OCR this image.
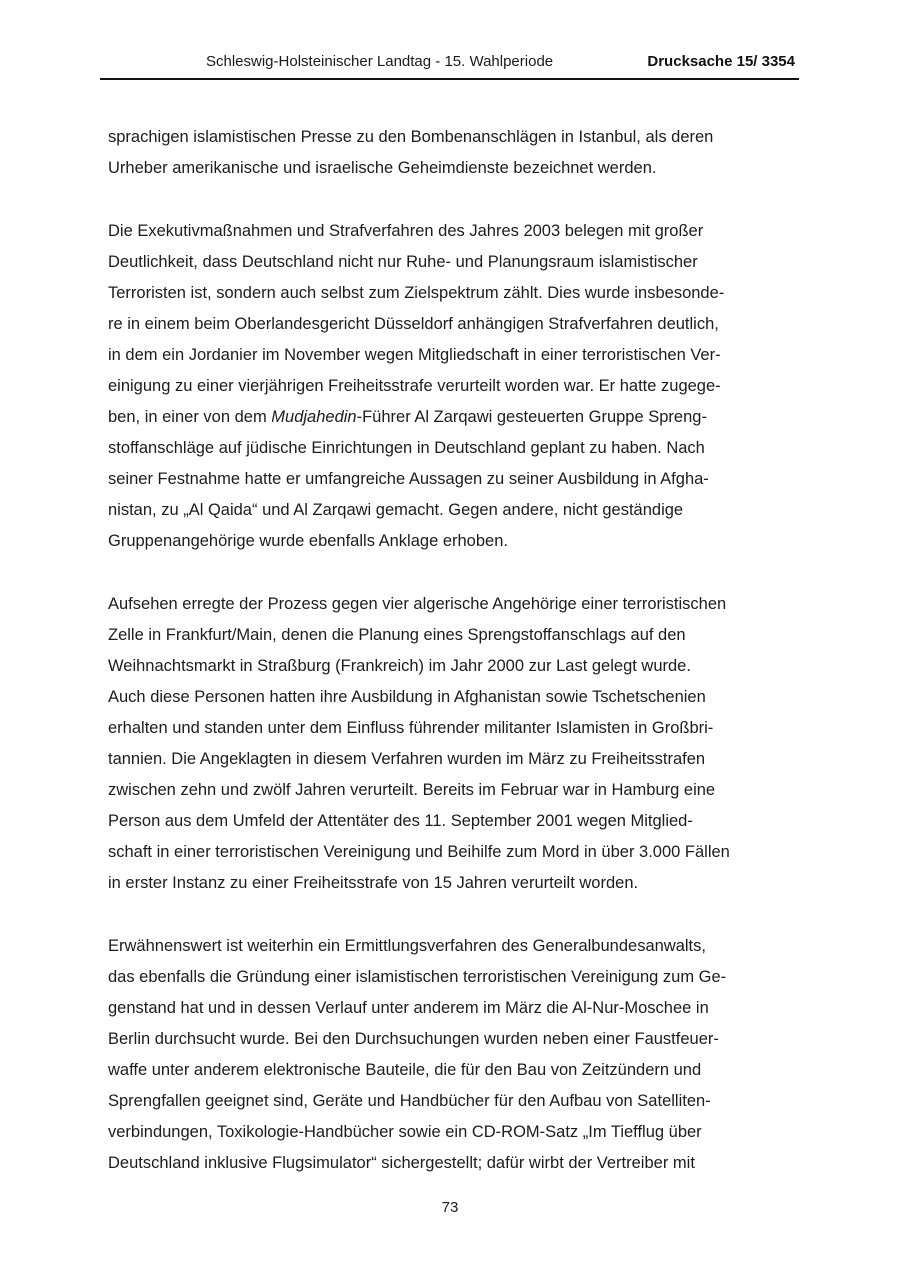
Schleswig-Holsteinischer Landtag - 15. Wahlperiode	Drucksache 15/ 3354
sprachigen islamistischen Presse zu den Bombenanschlägen in Istanbul, als deren
Urheber amerikanische und israelische Geheimdienste bezeichnet werden.
Die Exekutivmaßnahmen und Strafverfahren des Jahres 2003 belegen mit großer
Deutlichkeit, dass Deutschland nicht nur Ruhe- und Planungsraum islamistischer
Terroristen ist, sondern auch selbst zum Zielspektrum zählt. Dies wurde insbesonde-
re in einem beim Oberlandesgericht Düsseldorf anhängigen Strafverfahren deutlich,
in dem ein Jordanier im November wegen Mitgliedschaft in einer terroristischen Ver-
einigung zu einer vierjährigen Freiheitsstrafe verurteilt worden war. Er hatte zugege-
ben, in einer von dem Mudjahedin-Führer Al Zarqawi gesteuerten Gruppe Spreng-
stoffanschläge auf jüdische Einrichtungen in Deutschland geplant zu haben. Nach
seiner Festnahme hatte er umfangreiche Aussagen zu seiner Ausbildung in Afgha-
nistan, zu „Al Qaida“ und Al Zarqawi gemacht. Gegen andere, nicht geständige
Gruppenangehörige wurde ebenfalls Anklage erhoben.
Aufsehen erregte der Prozess gegen vier algerische Angehörige einer terroristischen
Zelle in Frankfurt/Main, denen die Planung eines Sprengstoffanschlags auf den
Weihnachtsmarkt in Straßburg (Frankreich) im Jahr 2000 zur Last gelegt wurde.
Auch diese Personen hatten ihre Ausbildung in Afghanistan sowie Tschetschenien
erhalten und standen unter dem Einfluss führender militanter Islamisten in Großbri-
tannien. Die Angeklagten in diesem Verfahren wurden im März zu Freiheitsstrafen
zwischen zehn und zwölf Jahren verurteilt. Bereits im Februar war in Hamburg eine
Person aus dem Umfeld der Attentäter des 11. September 2001 wegen Mitglied-
schaft in einer terroristischen Vereinigung und Beihilfe zum Mord in über 3.000 Fällen
in erster Instanz zu einer Freiheitsstrafe von 15 Jahren verurteilt worden.
Erwähnenswert ist weiterhin ein Ermittlungsverfahren des Generalbundesanwalts,
das ebenfalls die Gründung einer islamistischen terroristischen Vereinigung zum Ge-
genstand hat und in dessen Verlauf unter anderem im März die Al-Nur-Moschee in
Berlin durchsucht wurde. Bei den Durchsuchungen wurden neben einer Faustfeuer-
waffe unter anderem elektronische Bauteile, die für den Bau von Zeitzündern und
Sprengfallen geeignet sind, Geräte und Handbücher für den Aufbau von Satelliten-
verbindungen, Toxikologie-Handbücher sowie ein CD-ROM-Satz „Im Tiefflug über
Deutschland inklusive Flugsimulator“ sichergestellt; dafür wirbt der Vertreiber mit
73
